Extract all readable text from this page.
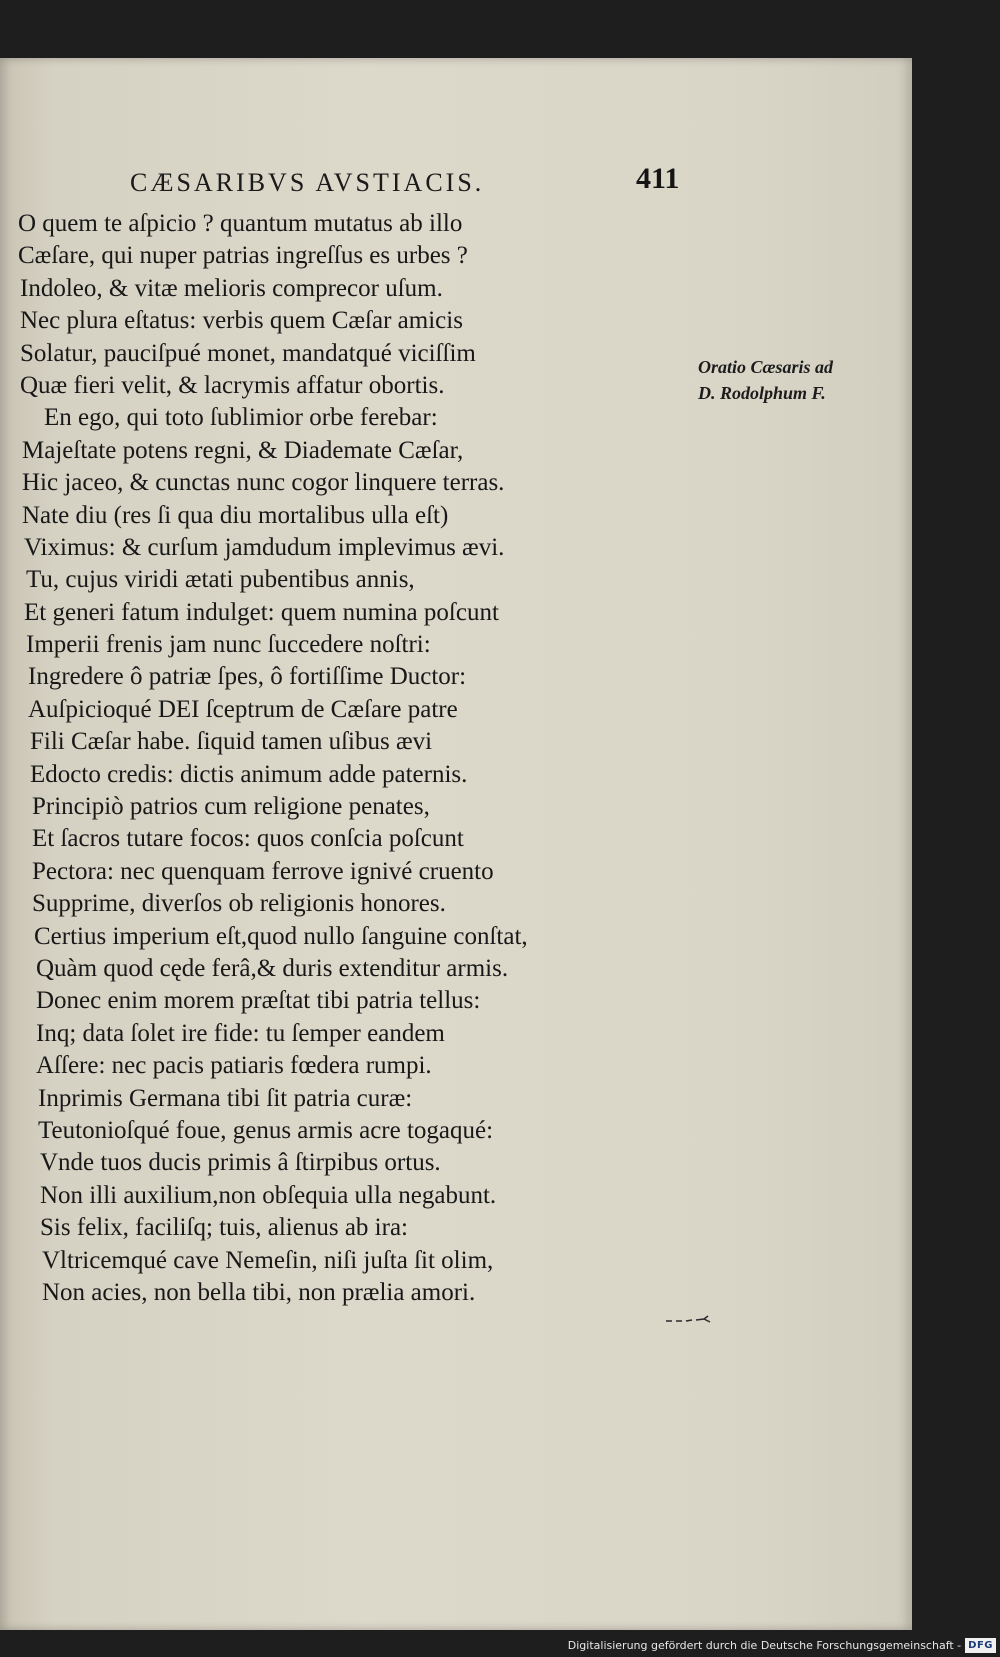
CÆSARIBVS AVSTIACIS.	411
O quem te aſpicio ? quantum mutatus ab illo
Cæſare, qui nuper patrias ingreſſus es urbes ?
Indoleo, & vitæ melioris comprecor uſum.
Nec plura eſtatus: verbis quem Cæſar amicis
Solatur, pauciſpué monet, mandatqué viciſſim
Quæ fieri velit, & lacrymis affatur obortis.
En ego, qui toto ſublimior orbe ferebar:
Majeſtate potens regni, & Diademate Cæſar,
Hic jaceo, & cunctas nunc cogor linquere terras.
Nate diu (res ſi qua diu mortalibus ulla eſt)
Viximus: & curſum jamdudum implevimus ævi.
Tu, cujus viridi ætati pubentibus annis,
Et generi fatum indulget: quem numina poſcunt
Imperii frenis jam nunc ſuccedere noſtri:
Ingredere ô patriæ ſpes, ô fortiſſime Ductor:
Auſpicioqué DEI ſceptrum de Cæſare patre
Fili Cæſar habe. ſiquid tamen uſibus ævi
Edocto credis: dictis animum adde paternis.
Principiò patrios cum religione penates,
Et ſacros tutare focos: quos conſcia poſcunt
Pectora: nec quenquam ferrove ignivé cruento
Supprime, diverſos ob religionis honores.
Certius imperium eſt,quod nullo ſanguine conſtat,
Quàm quod cęde ferâ,& duris extenditur armis.
Donec enim morem præſtat tibi patria tellus:
Inq; data ſolet ire fide: tu ſemper eandem
Aſſere: nec pacis patiaris fœdera rumpi.
Inprimis Germana tibi ſit patria curæ:
Teutonioſqué foue, genus armis acre togaqué:
Vnde tuos ducis primis â ſtirpibus ortus.
Non illi auxilium,non obſequia ulla negabunt.
Sis felix, faciliſq; tuis, alienus ab ira:
Vltricemqué cave Nemeſin, niſi juſta ſit olim,
Non acies, non bella tibi, non prælia amori.
Oratio Cæsaris ad
D. Rodolphum F.
Digitalisierung gefördert durch die Deutsche Forschungsgemeinschaft - DFG
